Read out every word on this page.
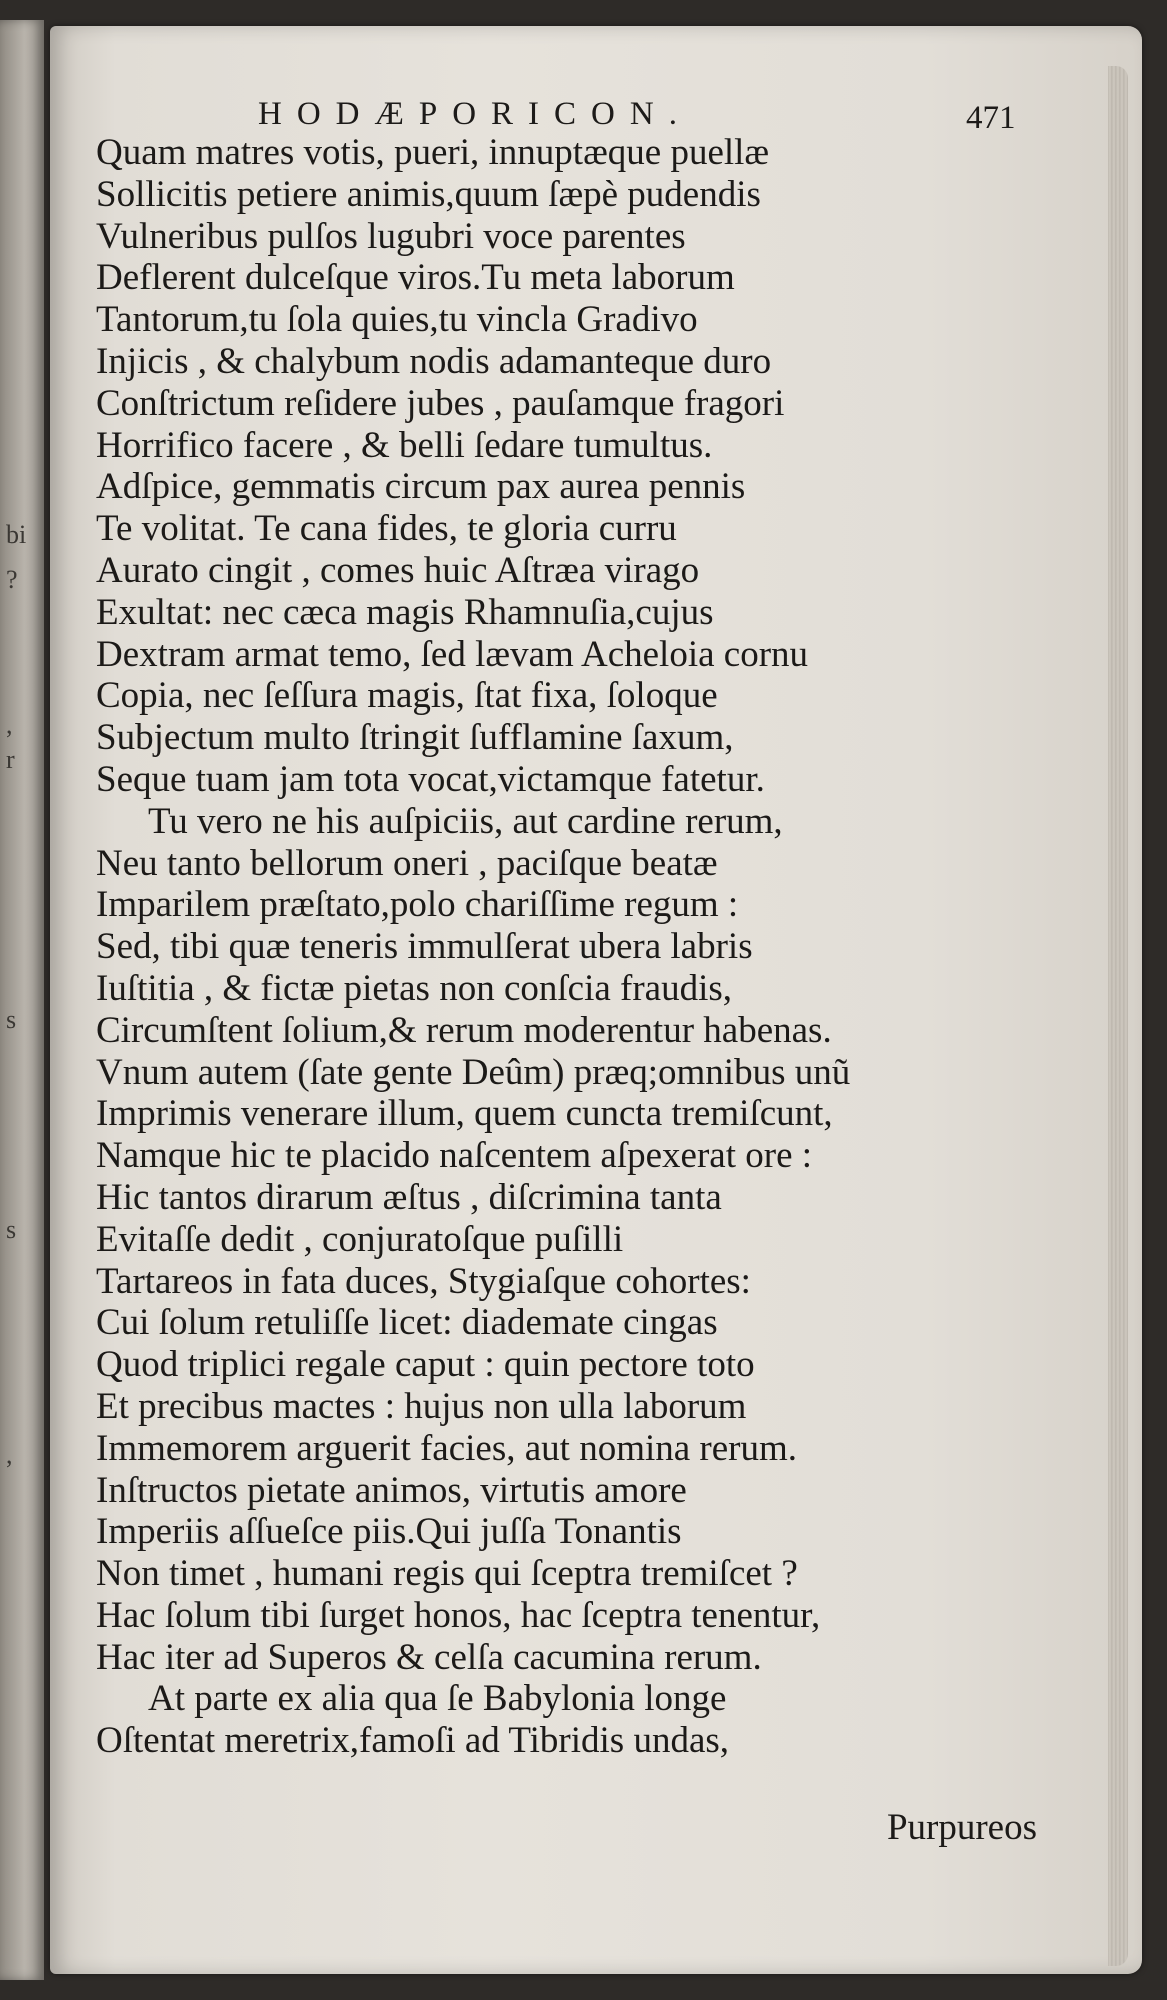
bi
?
,
r
s
s
,
HODÆPORICON.	471
Quam matres votis, pueri, innuptæque puellæ
Sollicitis petiere animis,quum ſæpè pudendis
Vulneribus pulſos lugubri voce parentes
Deflerent dulceſque viros.Tu meta laborum
Tantorum,tu ſola quies,tu vincla Gradivo
Injicis , & chalybum nodis adamanteque duro
Conſtrictum reſidere jubes , pauſamque fragori
Horrifico facere , & belli ſedare tumultus.
Adſpice, gemmatis circum pax aurea pennis
Te volitat. Te cana fides, te gloria curru
Aurato cingit , comes huic Aſtræa virago
Exultat: nec cæca magis Rhamnuſia,cujus
Dextram armat temo, ſed lævam Acheloia cornu
Copia, nec ſeſſura magis, ſtat fixa, ſoloque
Subjectum multo ſtringit ſufflamine ſaxum,
Seque tuam jam tota vocat,victamque fatetur.
Tu vero ne his auſpiciis, aut cardine rerum,
Neu tanto bellorum oneri , paciſque beatæ
Imparilem præſtato,polo chariſſime regum :
Sed, tibi quæ teneris immulſerat ubera labris
Iuſtitia , & fictæ pietas non conſcia fraudis,
Circumſtent ſolium,& rerum moderentur habenas.
Vnum autem (ſate gente Deûm) præq;omnibus unũ
Imprimis venerare illum, quem cuncta tremiſcunt,
Namque hic te placido naſcentem aſpexerat ore :
Hic tantos dirarum æſtus , diſcrimina tanta
Evitaſſe dedit , conjuratoſque puſilli
Tartareos in fata duces, Stygiaſque cohortes:
Cui ſolum retuliſſe licet: diademate cingas
Quod triplici regale caput : quin pectore toto
Et precibus mactes : hujus non ulla laborum
Immemorem arguerit facies, aut nomina rerum.
Inſtructos pietate animos, virtutis amore
Imperiis aſſueſce piis.Qui juſſa Tonantis
Non timet , humani regis qui ſceptra tremiſcet ?
Hac ſolum tibi ſurget honos, hac ſceptra tenentur,
Hac iter ad Superos & celſa cacumina rerum.
At parte ex alia qua ſe Babylonia longe
Oſtentat meretrix,famoſi ad Tibridis undas,
Purpureos
